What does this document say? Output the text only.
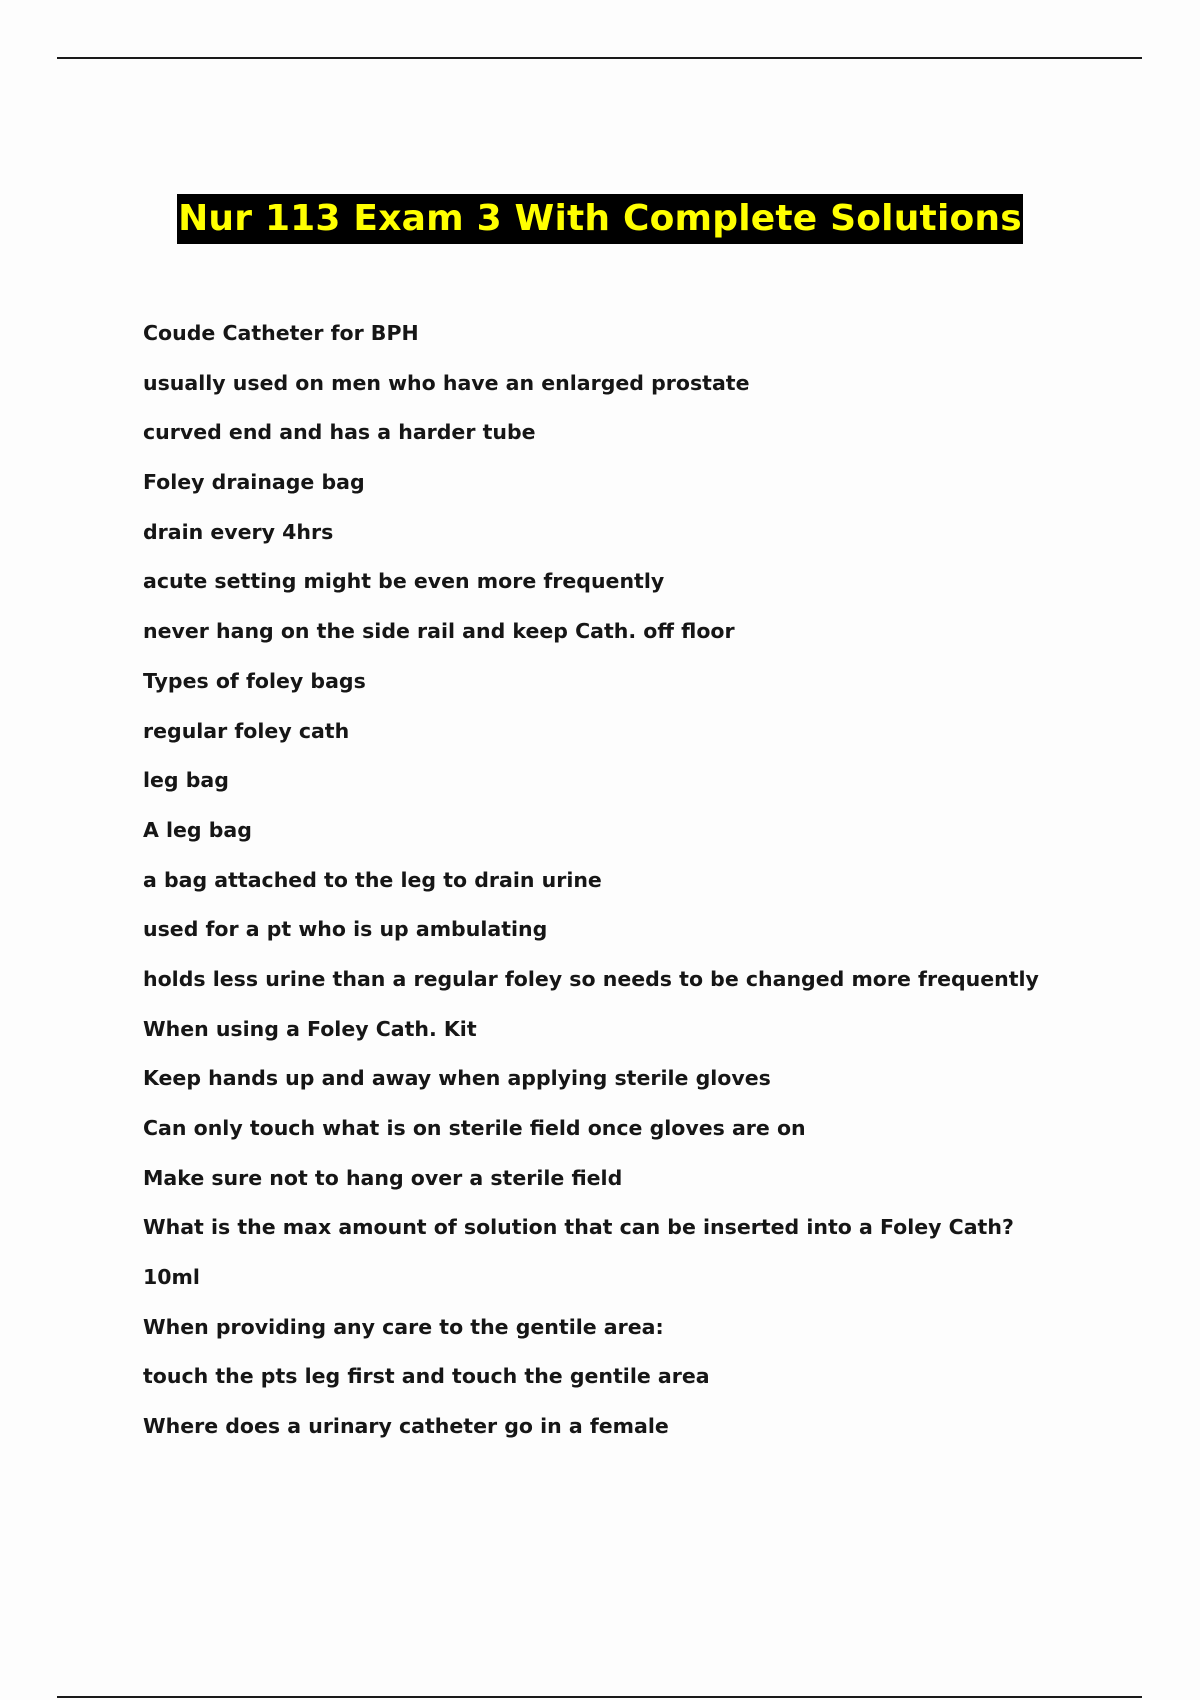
Nur 113 Exam 3 With Complete Solutions
Coude Catheter for BPH
usually used on men who have an enlarged prostate
curved end and has a harder tube
Foley drainage bag
drain every 4hrs
acute setting might be even more frequently
never hang on the side rail and keep Cath. off floor
Types of foley bags
regular foley cath
leg bag
A leg bag
a bag attached to the leg to drain urine
used for a pt who is up ambulating
holds less urine than a regular foley so needs to be changed more frequently
When using a Foley Cath. Kit
Keep hands up and away when applying sterile gloves
Can only touch what is on sterile field once gloves are on
Make sure not to hang over a sterile field
What is the max amount of solution that can be inserted into a Foley Cath?
10ml
When providing any care to the gentile area:
touch the pts leg first and touch the gentile area
Where does a urinary catheter go in a female
